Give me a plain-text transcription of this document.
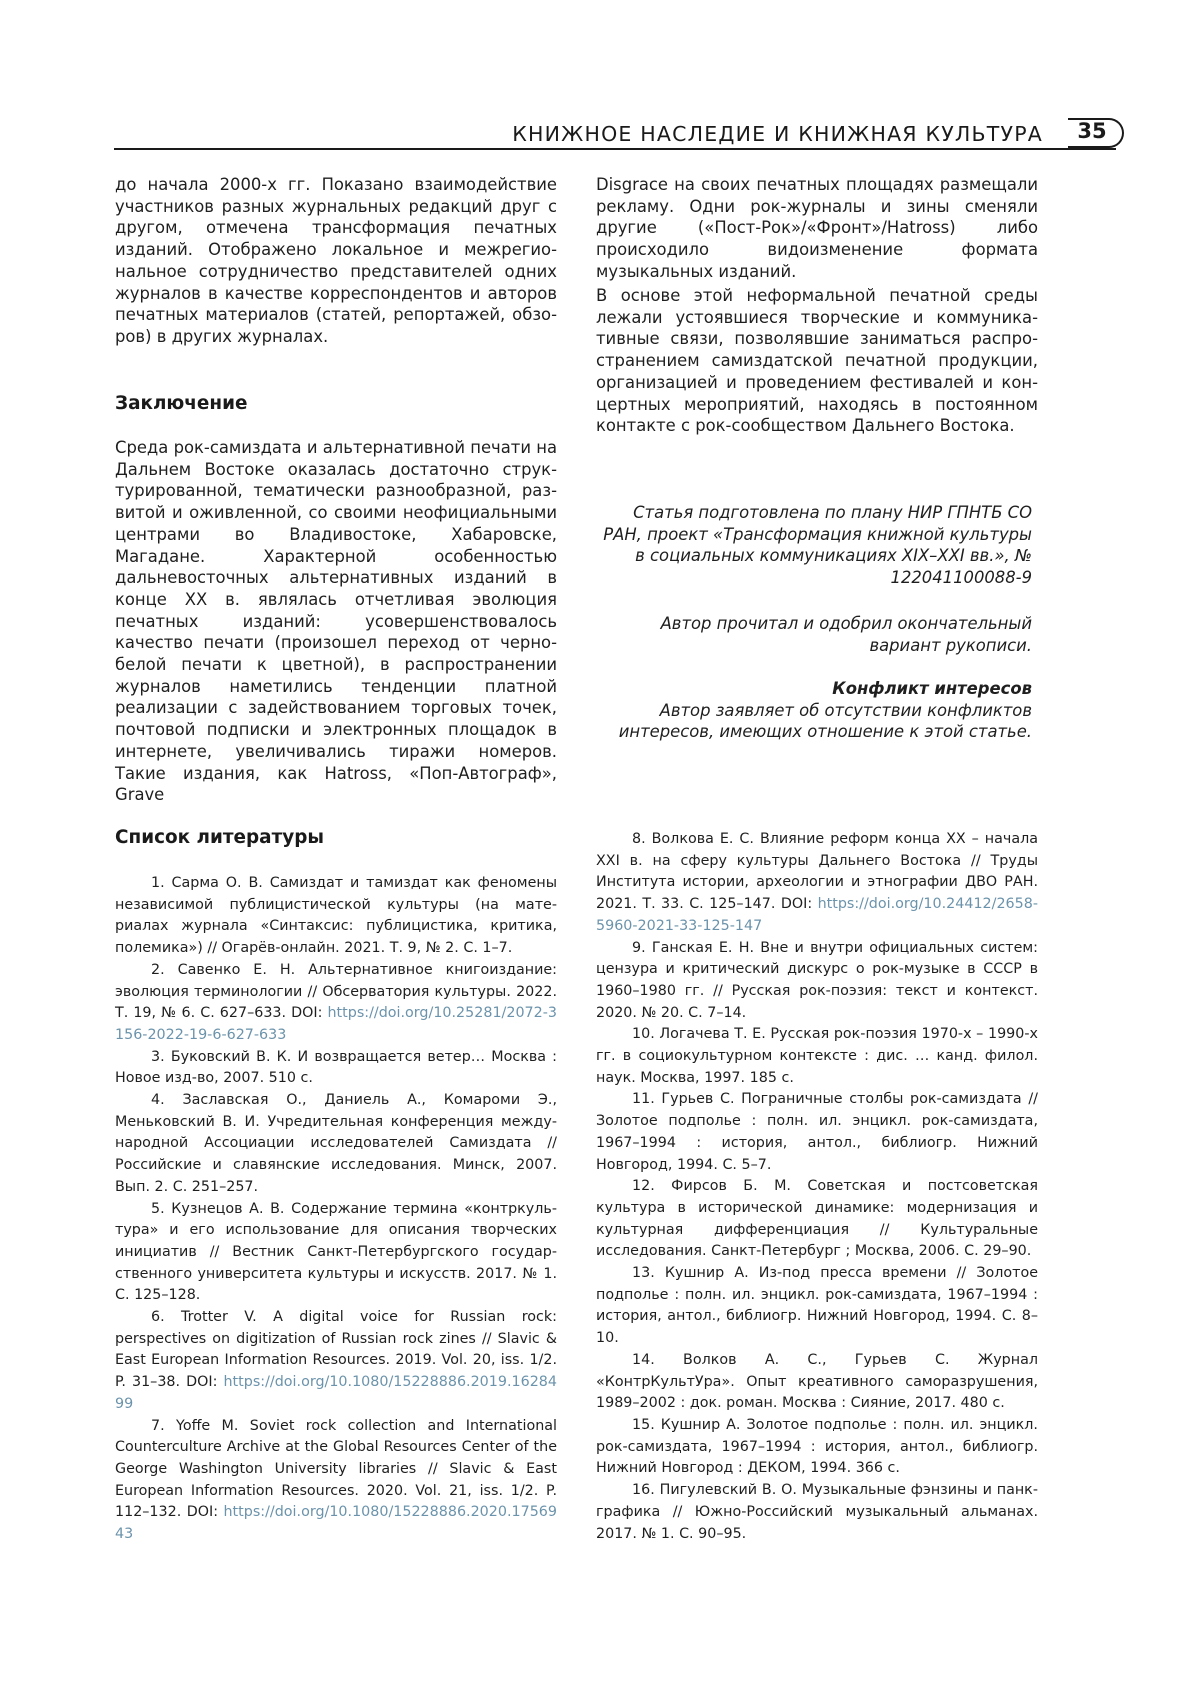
КНИЖНОЕ НАСЛЕДИЕ И КНИЖНАЯ КУЛЬТУРА 35

до начала 2000-х гг. Показано взаимодействие участников разных журнальных редакций друг с другом, отмечена трансформация печатных изданий. Отображено локальное и межрегиональное сотрудничество представителей одних журналов в качестве корреспондентов и авторов печатных материалов (статей, репортажей, обзоров) в других журналах.

Заключение

Среда рок-самиздата и альтернативной печати на Дальнем Востоке оказалась достаточно структурированной, тематически разнообразной, развитой и оживленной, со своими неофициальными центрами во Владивостоке, Хабаровске, Магадане. Характерной особенностью дальневосточных альтернативных изданий в конце XX в. являлась отчетливая эволюция печатных изданий: усовершенствовалось качество печати (произошел переход от черно-белой печати к цветной), в распространении журналов наметились тенденции платной реализации с задействованием торговых точек, почтовой подписки и электронных площадок в интернете, увеличивались тиражи номеров. Такие издания, как Hatross, «Поп-Автограф», Grave

Disgrace на своих печатных площадях размещали рекламу. Одни рок-журналы и зины сменяли другие («Пост-Рок»/«Фронт»/Hatross) либо происходило видоизменение формата музыкальных изданий.

В основе этой неформальной печатной среды лежали устоявшиеся творческие и коммуникативные связи, позволявшие заниматься распространением самиздатской печатной продукции, организацией и проведением фестивалей и концертных мероприятий, находясь в постоянном контакте с рок-сообществом Дальнего Востока.

Статья подготовлена по плану НИР ГПНТБ СО РАН, проект «Трансформация книжной культуры в социальных коммуникациях XIX–XXI вв.», № 122041100088-9

Автор прочитал и одобрил окончательный вариант рукописи.

Конфликт интересов

Автор заявляет об отсутствии конфликтов интересов, имеющих отношение к этой статье.

Список литературы
1. Сарма О. В. Самиздат и тамиздат как феномены независимой публицистической культуры (на материалах журнала «Синтаксис: публицистика, критика, полемика») // Огарёв-онлайн. 2021. Т. 9, № 2. С. 1–7.
2. Савенко Е. Н. Альтернативное книгоиздание: эволюция терминологии // Обсерватория культуры. 2022. Т. 19, № 6. С. 627–633. DOI: https://doi.org/10.25281/2072-3156-2022-19-6-627-633
3. Буковский В. К. И возвращается ветер… Москва : Новое изд-во, 2007. 510 с.
4. Заславская О., Даниель А., Комароми Э., Меньковский В. И. Учредительная конференция международной Ассоциации исследователей Самиздата // Российские и славянские исследования. Минск, 2007. Вып. 2. С. 251–257.
5. Кузнецов А. В. Содержание термина «контркультура» и его использование для описания творческих инициатив // Вестник Санкт-Петербургского государственного университета культуры и искусств. 2017. № 1. С. 125–128.
6. Trotter V. A digital voice for Russian rock: perspectives on digitization of Russian rock zines // Slavic & East European Information Resources. 2019. Vol. 20, iss. 1/2. P. 31–38. DOI: https://doi.org/10.1080/15228886.2019.1628499
7. Yoffe M. Soviet rock collection and International Counterculture Archive at the Global Resources Center of the George Washington University libraries // Slavic & East European Information Resources. 2020. Vol. 21, iss. 1/2. P. 112–132. DOI: https://doi.org/10.1080/15228886.2020.1756943
8. Волкова Е. С. Влияние реформ конца XX – начала XXI в. на сферу культуры Дальнего Востока // Труды Института истории, археологии и этнографии ДВО РАН. 2021. Т. 33. С. 125–147. DOI: https://doi.org/10.24412/2658-5960-2021-33-125-147
9. Ганская Е. Н. Вне и внутри официальных систем: цензура и критический дискурс о рок-музыке в СССР в 1960–1980 гг. // Русская рок-поэзия: текст и контекст. 2020. № 20. С. 7–14.
10. Логачева Т. Е. Русская рок-поэзия 1970-х – 1990-х гг. в социокультурном контексте : дис. … канд. филол. наук. Москва, 1997. 185 с.
11. Гурьев С. Пограничные столбы рок-самиздата // Золотое подполье : полн. ил. энцикл. рок-самиздата, 1967–1994 : история, антол., библиогр. Нижний Новгород, 1994. С. 5–7.
12. Фирсов Б. М. Советская и постсоветская культура в исторической динамике: модернизация и культурная дифференциация // Культуральные исследования. Санкт-Петербург ; Москва, 2006. С. 29–90.
13. Кушнир А. Из-под пресса времени // Золотое подполье : полн. ил. энцикл. рок-самиздата, 1967–1994 : история, антол., библиогр. Нижний Новгород, 1994. С. 8–10.
14. Волков А. С., Гурьев С. Журнал «КонтрКультУра». Опыт креативного саморазрушения, 1989–2002 : док. роман. Москва : Сияние, 2017. 480 с.
15. Кушнир А. Золотое подполье : полн. ил. энцикл. рок-самиздата, 1967–1994 : история, антол., библиогр. Нижний Новгород : ДЕКОМ, 1994. 366 с.
16. Пигулевский В. О. Музыкальные фэнзины и панкграфика // Южно-Российский музыкальный альманах. 2017. № 1. С. 90–95.
